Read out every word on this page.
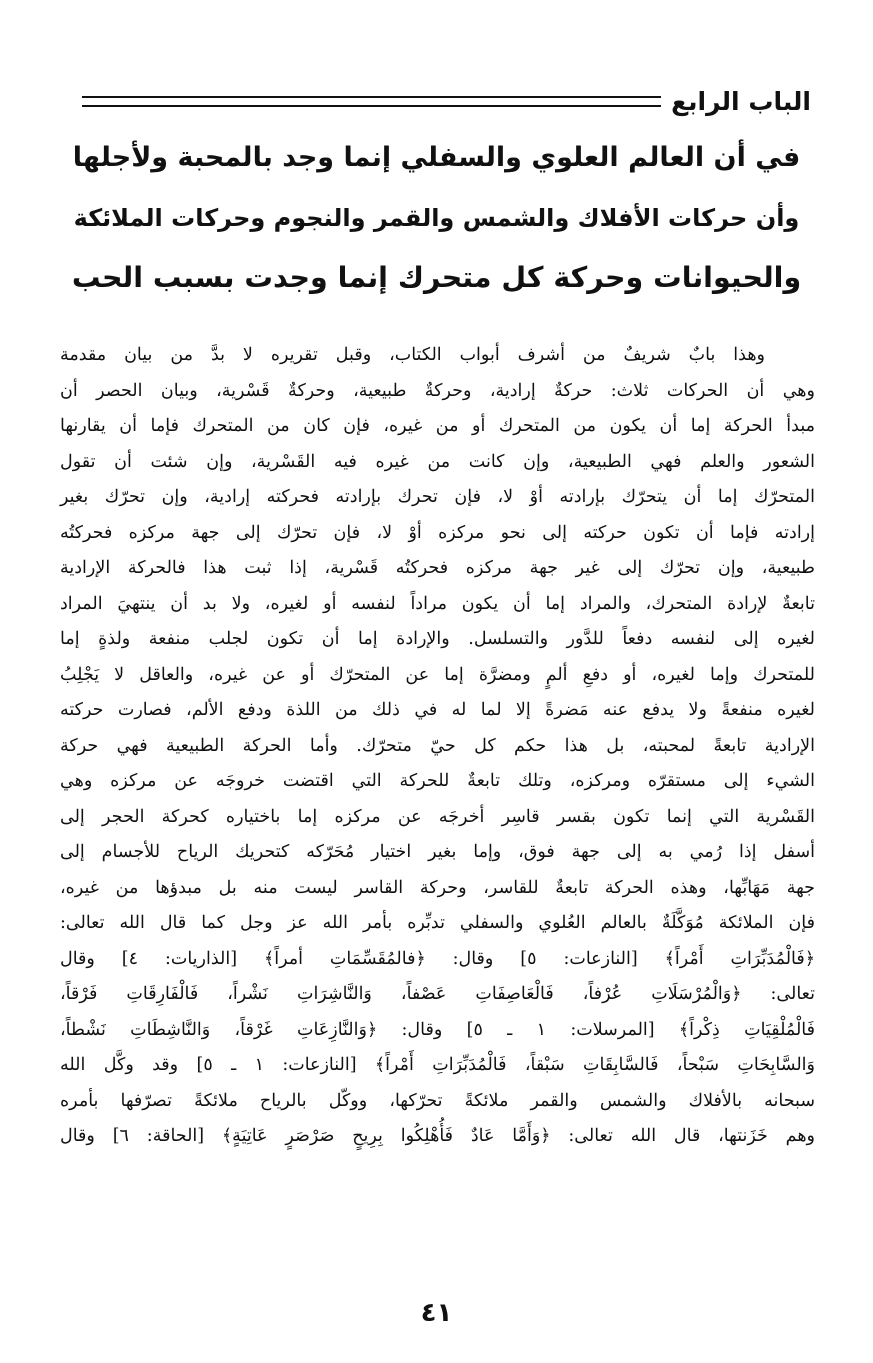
الباب الرابع
في أن العالم العلوي والسفلي إنما وجد بالمحبة ولأجلها
وأن حركات الأفلاك والشمس والقمر والنجوم وحركات الملائكة
والحيوانات وحركة كل متحرك إنما وجدت بسبب الحب
وهذا بابٌ شريفٌ من أشرف أبواب الكتاب، وقبل تقريره لا بدَّ من بيان مقدمة
وهي أن الحركات ثلاث: حركةٌ إرادية، وحركةٌ طبيعية، وحركةٌ قَسْرية، وبيان الحصر أن
مبدأ الحركة إما أن يكون من المتحرك أو من غيره، فإن كان من المتحرك فإما أن يقارنها
الشعور والعلم فهي الطبيعية، وإن كانت من غيره فيه القَسْرية، وإن شئت أن تقول
المتحرّك إما أن يتحرّك بإرادته أوْ لا، فإن تحرك بإرادته فحركته إرادية، وإن تحرّك بغير
إرادته فإما أن تكون حركته إلى نحو مركزه أوْ لا، فإن تحرّك إلى جهة مركزه فحركتُه
طبيعية، وإن تحرّك إلى غير جهة مركزه فحركتُه قَسْرية، إذا ثبت هذا فالحركة الإرادية
تابعةٌ لإرادة المتحرك، والمراد إما أن يكون مراداً لنفسه أو لغيره، ولا بد أن ينتهيَ المراد
لغيره إلى لنفسه دفعاً للدَّور والتسلسل. والإرادة إما أن تكون لجلب منفعة ولذةٍ إما
للمتحرك وإما لغيره، أو دفعِ ألمٍ ومضرَّة إما عن المتحرّك أو عن غيره، والعاقل لا يَجْلِبُ
لغيره منفعةً ولا يدفع عنه مَضرةً إلا لما له في ذلك من اللذة ودفع الألم، فصارت حركته
الإرادية تابعةً لمحبته، بل هذا حكم كل حيّ متحرّك. وأما الحركة الطبيعية فهي حركة
الشيء إلى مستقرّه ومركزه، وتلك تابعةٌ للحركة التي اقتضت خروجَه عن مركزه وهي
القَسْرية التي إنما تكون بقسر قاسِر أخرجَه عن مركزه إما باختياره كحركة الحجر إلى
أسفل إذا رُمي به إلى جهة فوق، وإما بغير اختيار مُحَرّكه كتحريك الرياح للأجسام إلى
جهة مَهَابِّها، وهذه الحركة تابعةٌ للقاسر، وحركة القاسر ليست منه بل مبدؤها من غيره،
فإن الملائكة مُوَكَّلَةٌ بالعالم العُلوي والسفلي تدبِّره بأمر الله عز وجل كما قال الله تعالى:
﴿فَالْمُدَبِّرَاتِ أَمْراً﴾ [النازعات: ٥] وقال: ﴿فالمُقَسِّمَاتِ أمراً﴾ [الذاريات: ٤] وقال
تعالى: ﴿وَالْمُرْسَلَاتِ عُرْفاً، فَالْعَاصِفَاتِ عَصْفاً، وَالنَّاشِرَاتِ نَشْراً، فَالْفَارِقَاتِ فَرْقاً،
فَالْمُلْقِيَاتِ ذِكْراً﴾ [المرسلات: ١ ـ ٥] وقال: ﴿وَالنَّازِعَاتِ غَرْقاً، وَالنَّاشِطَاتِ نَشْطاً،
وَالسَّابِحَاتِ سَبْحاً، فَالسَّابِقَاتِ سَبْقاً، فَالْمُدَبِّرَاتِ أَمْراً﴾ [النازعات: ١ ـ ٥] وقد وكَّل الله
سبحانه بالأفلاك والشمس والقمر ملائكةً تحرّكها، ووكّل بالرياح ملائكةً تصرّفها بأمره
وهم خَزَنتها، قال الله تعالى: ﴿وَأَمَّا عَادٌ فَأُهْلِكُوا بِرِيحٍ صَرْصَرٍ عَاتِيَةٍ﴾ [الحاقة: ٦] وقال
٤١
